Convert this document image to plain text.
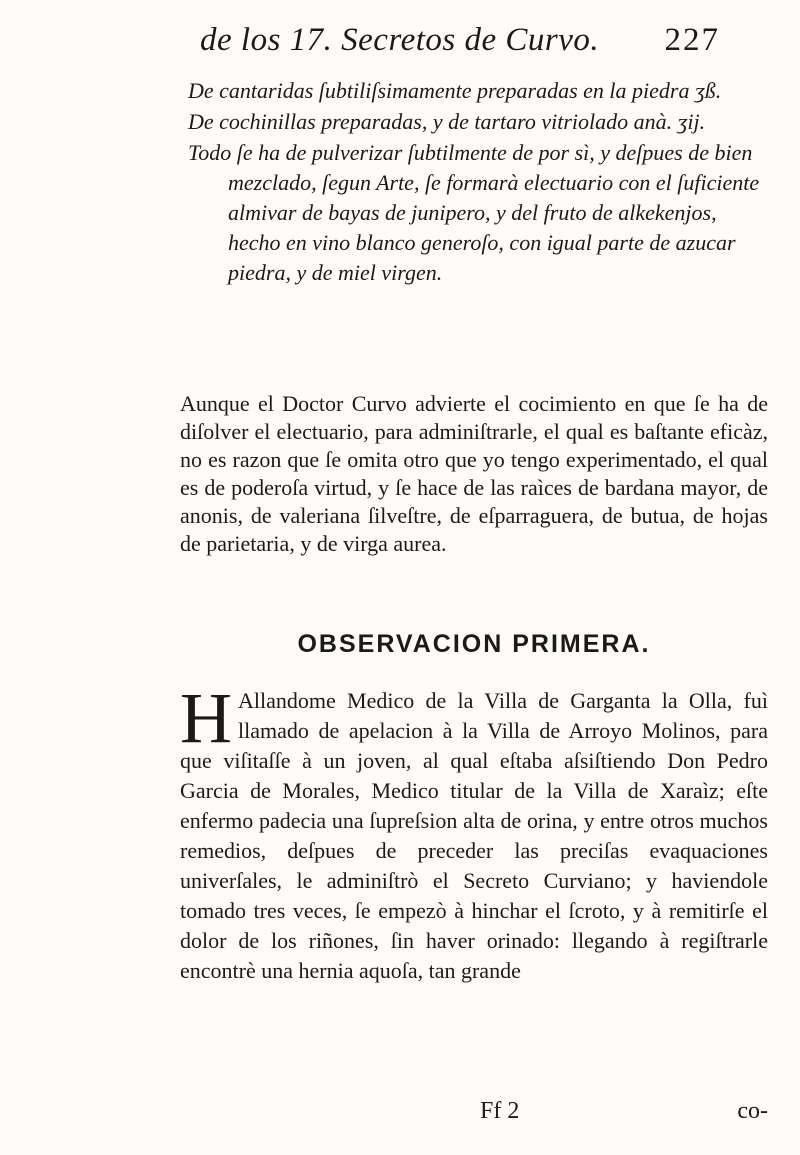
de los 17. Secretos de Curvo. 227

De cantaridas ſubtiliſsimamente preparadas en la piedra ʒß.

De cochinillas preparadas, y de tartaro vitriolado anà. ʒij.

Todo ſe ha de pulverizar ſubtilmente de por sì, y deſpues de bien mezclado, ſegun Arte, ſe formarà electuario con el ſuficiente almivar de bayas de junipero, y del fruto de alkekenjos, hecho en vino blanco generoſo, con igual parte de azucar piedra, y de miel virgen.

Aunque el Doctor Curvo advierte el cocimiento en que ſe ha de diſolver el electuario, para adminiſtrarle, el qual es baſtante eficàz, no es razon que ſe omita otro que yo tengo experimentado, el qual es de poderoſa virtud, y ſe hace de las raìces de bardana mayor, de anonis, de valeriana ſilveſtre, de eſparraguera, de butua, de hojas de parietaria, y de virga aurea.

OBSERVACION PRIMERA.
H Allandome Medico de la Villa de Garganta la Olla, fuì llamado de apelacion à la Villa de Arroyo Molinos, para que viſitaſſe à un joven, al qual eſtaba aſsiſtiendo Don Pedro Garcia de Morales, Medico titular de la Villa de Xaraìz; eſte enfermo padecia una ſupreſsion alta de orina, y entre otros muchos remedios, deſpues de preceder las preciſas evaquaciones univerſales, le adminiſtrò el Secreto Curviano; y haviendole tomado tres veces, ſe empezò à hinchar el ſcroto, y à remitirſe el dolor de los riñones, ſin haver orinado: llegando à regiſtrarle encontrè una hernia aquoſa, tan grande

Ff 2	co-
